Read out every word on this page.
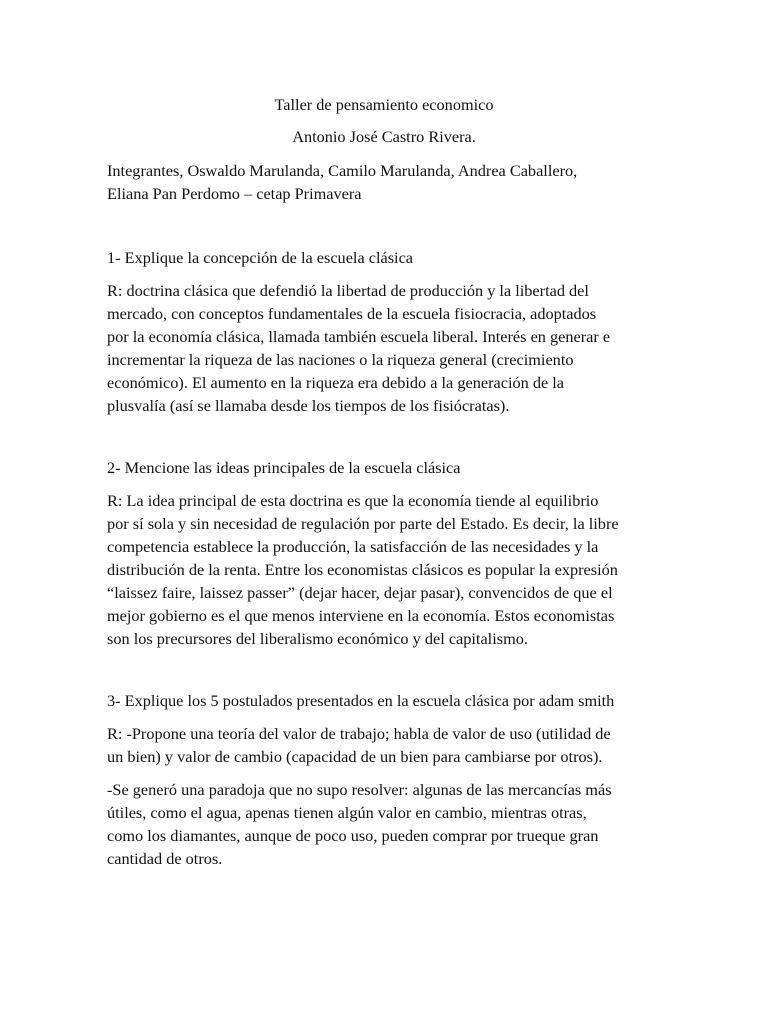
Taller de pensamiento economico
Antonio José Castro Rivera.
Integrantes, Oswaldo Marulanda, Camilo Marulanda, Andrea Caballero,
Eliana Pan Perdomo – cetap Primavera
1- Explique la concepción de la escuela clásica
R: doctrina clásica que defendió la libertad de producción y la libertad del
mercado, con conceptos fundamentales de la escuela fisiocracia, adoptados
por la economía clásica, llamada también escuela liberal. Interés en generar e
incrementar la riqueza de las naciones o la riqueza general (crecimiento
económico). El aumento en la riqueza era debido a la generación de la
plusvalía (así se llamaba desde los tiempos de los fisiócratas).
2- Mencione las ideas principales de la escuela clásica
R: La idea principal de esta doctrina es que la economía tiende al equilibrio
por sí sola y sin necesidad de regulación por parte del Estado. Es decir, la libre
competencia establece la producción, la satisfacción de las necesidades y la
distribución de la renta. Entre los economistas clásicos es popular la expresión
“laissez faire, laissez passer” (dejar hacer, dejar pasar), convencidos de que el
mejor gobierno es el que menos interviene en la economía. Estos economistas
son los precursores del liberalismo económico y del capitalismo.
3- Explique los 5 postulados presentados en la escuela clásica por adam smith
R: -Propone una teoría del valor de trabajo; habla de valor de uso (utilidad de
un bien) y valor de cambio (capacidad de un bien para cambiarse por otros).
-Se generó una paradoja que no supo resolver: algunas de las mercancías más
útiles, como el agua, apenas tienen algún valor en cambio, mientras otras,
como los diamantes, aunque de poco uso, pueden comprar por trueque gran
cantidad de otros.
